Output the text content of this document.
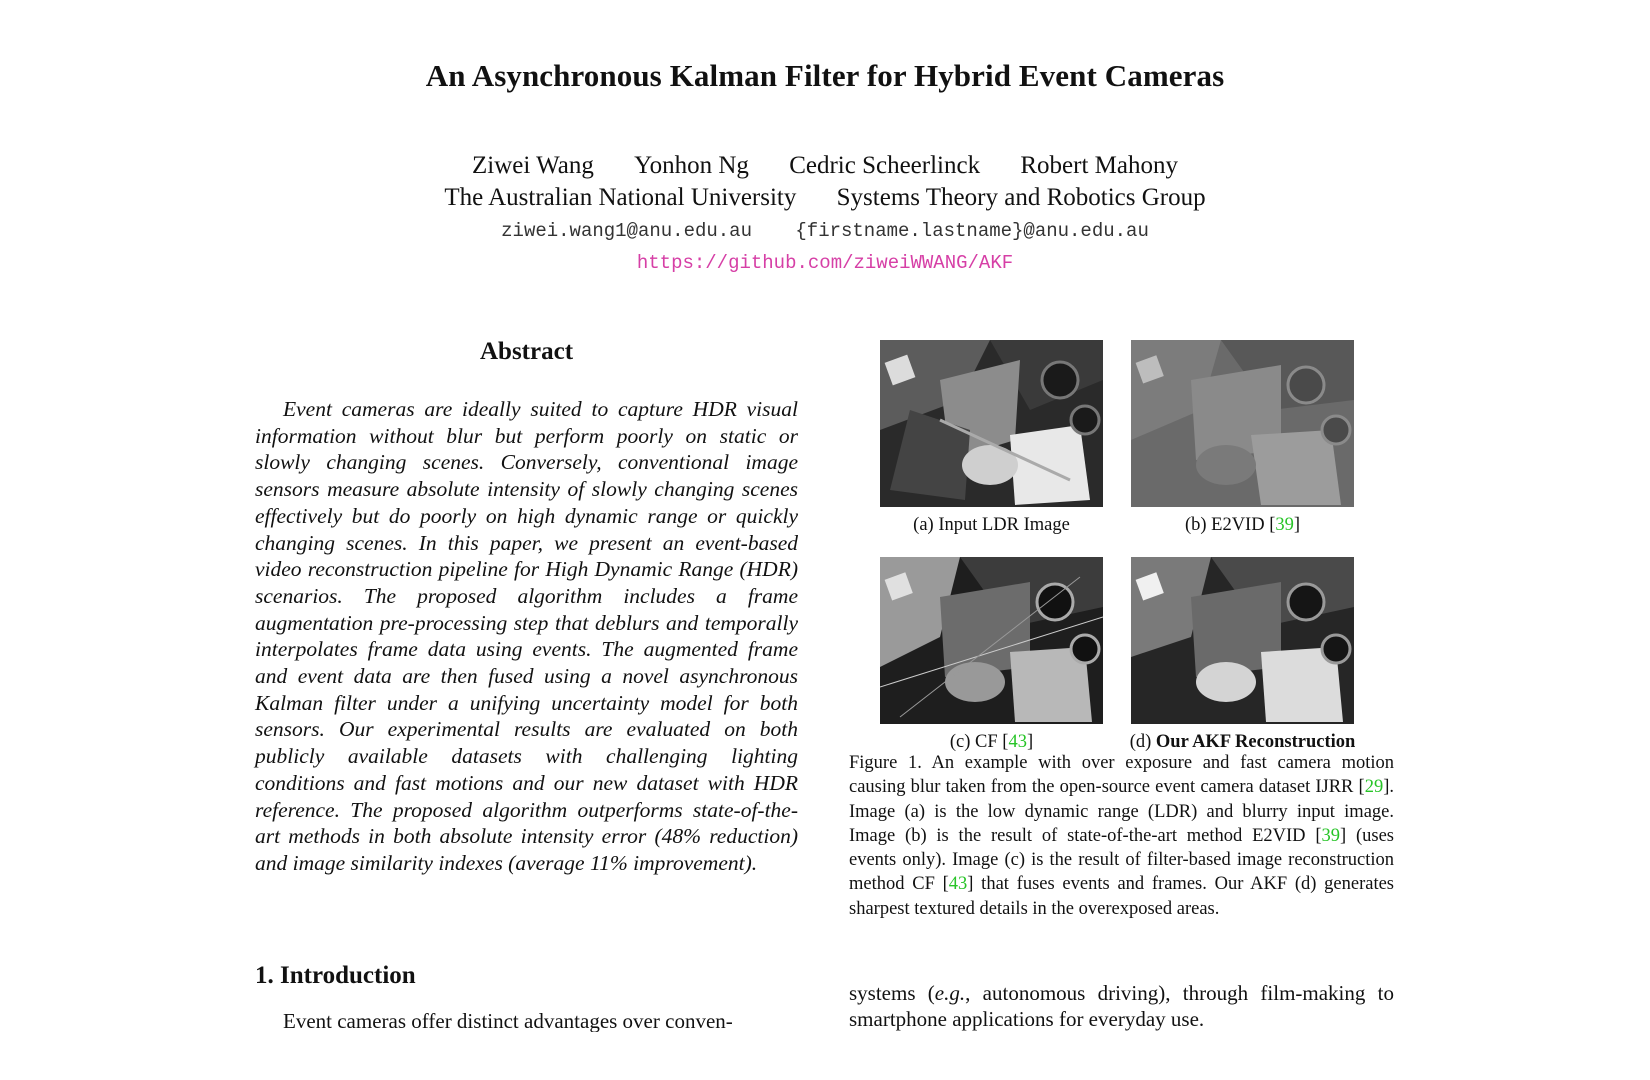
An Asynchronous Kalman Filter for Hybrid Event Cameras
Ziwei Wang Yonhon Ng Cedric Scheerlinck Robert Mahony
The Australian National University Systems Theory and Robotics Group
ziwei.wang1@anu.edu.au {firstname.lastname}@anu.edu.au
https://github.com/ziweiWWANG/AKF
Abstract

Event cameras are ideally suited to capture HDR visual information without blur but perform poorly on static or slowly changing scenes. Conversely, conventional image sensors measure absolute intensity of slowly changing scenes effectively but do poorly on high dynamic range or quickly changing scenes. In this paper, we present an event-based video reconstruction pipeline for High Dynamic Range (HDR) scenarios. The proposed algorithm includes a frame augmentation pre-processing step that deblurs and temporally interpolates frame data using events. The augmented frame and event data are then fused using a novel asynchronous Kalman filter under a unifying uncertainty model for both sensors. Our experimental results are evaluated on both publicly available datasets with challenging lighting conditions and fast motions and our new dataset with HDR reference. The proposed algorithm outperforms state-of-the-art methods in both absolute intensity error (48% reduction) and image similarity indexes (average 11% improvement).

1. Introduction

Event cameras offer distinct advantages over conven-

(a) Input LDR Image	(b) E2VID [39]
(c) CF [43]	(d) Our AKF Reconstruction

Figure 1. An example with over exposure and fast camera motion causing blur taken from the open-source event camera dataset IJRR [29]. Image (a) is the low dynamic range (LDR) and blurry input image. Image (b) is the result of state-of-the-art method E2VID [39] (uses events only). Image (c) is the result of filter-based image reconstruction method CF [43] that fuses events and frames. Our AKF (d) generates sharpest textured details in the overexposed areas.

systems (e.g., autonomous driving), through film-making to smartphone applications for everyday use.
